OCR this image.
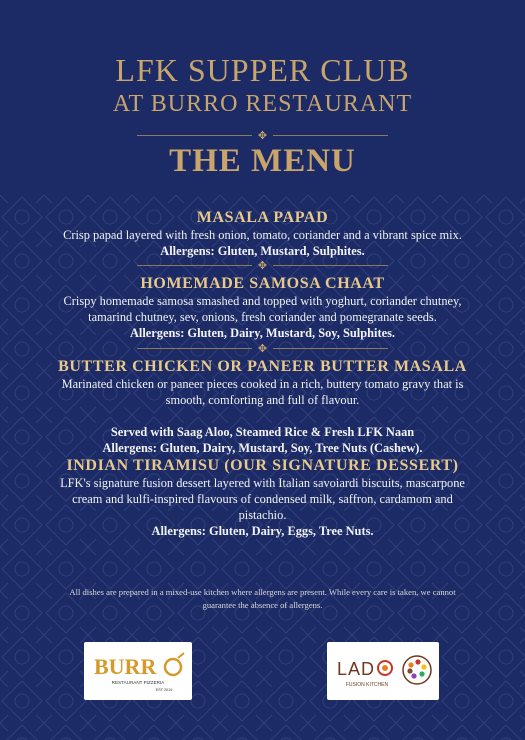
LFK SUPPER CLUB
AT BURRO RESTAURANT
✥
THE MENU
MASALA PAPAD
Crisp papad layered with fresh onion, tomato, coriander and a vibrant spice mix.
Allergens: Gluten, Mustard, Sulphites.
✥
HOMEMADE SAMOSA CHAAT
Crispy homemade samosa smashed and topped with yoghurt, coriander chutney,
tamarind chutney, sev, onions, fresh coriander and pomegranate seeds.
Allergens: Gluten, Dairy, Mustard, Soy, Sulphites.
✥
BUTTER CHICKEN OR PANEER BUTTER MASALA
Marinated chicken or paneer pieces cooked in a rich, buttery tomato gravy that is
smooth, comforting and full of flavour.
Served with Saag Aloo, Steamed Rice & Fresh LFK Naan
Allergens: Gluten, Dairy, Mustard, Soy, Tree Nuts (Cashew).
INDIAN TIRAMISU (OUR SIGNATURE DESSERT)
LFK's signature fusion dessert layered with Italian savoiardi biscuits, mascarpone
cream and kulfi-inspired flavours of condensed milk, saffron, cardamom and
pistachio.
Allergens: Gluten, Dairy, Eggs, Tree Nuts.
All dishes are prepared in a mixed-use kitchen where allergens are present. While every care is taken, we cannot
guarantee the absence of allergens.
BURR
RESTAURANT PIZZERIA
EST 2019
LAD
FUSION KITCHEN
